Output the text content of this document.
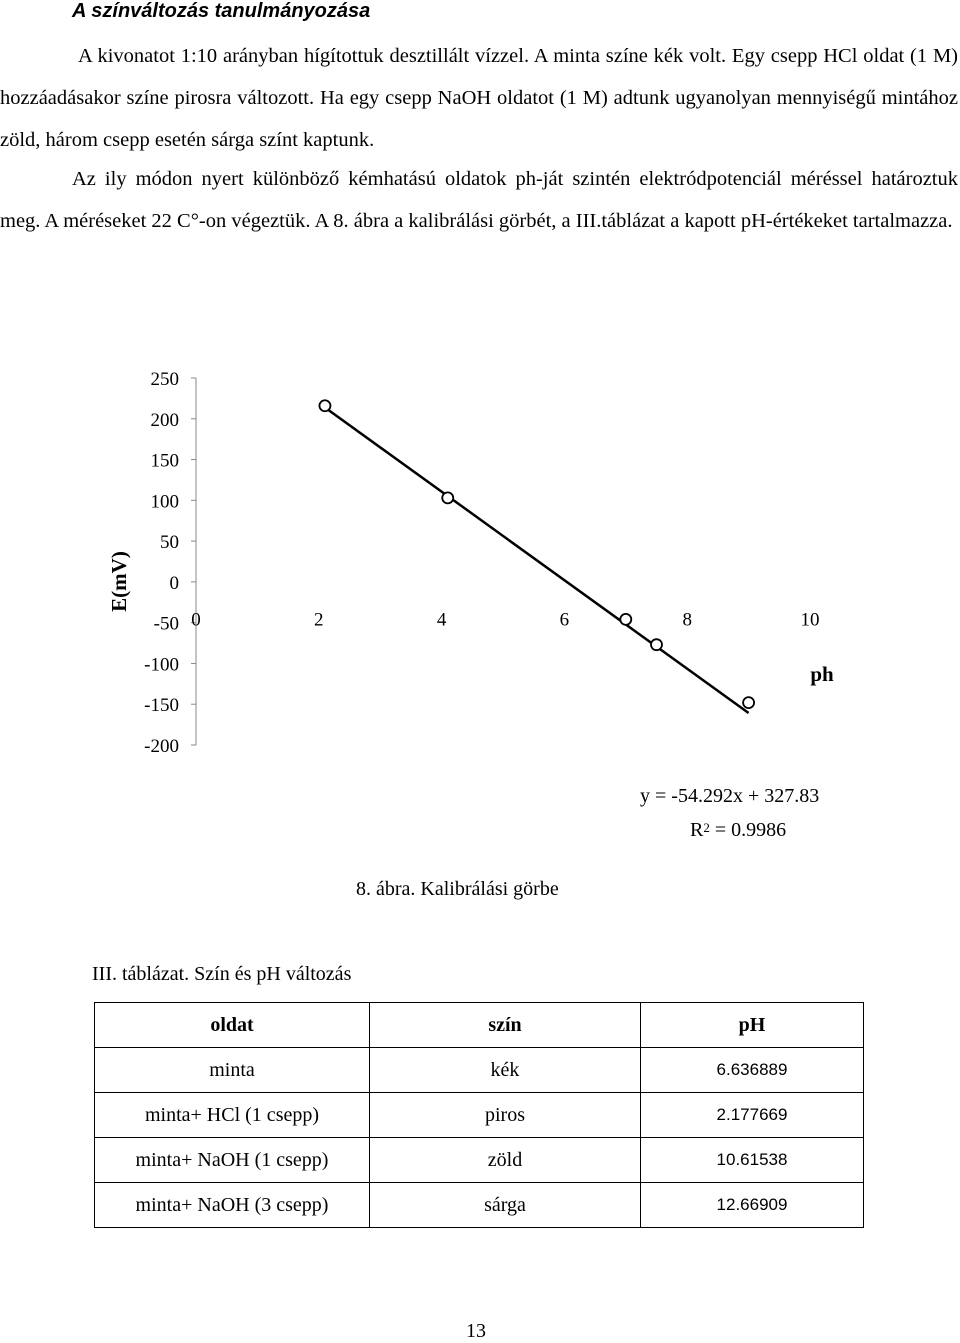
A színváltozás tanulmányozása

A kivonatot 1:10 arányban hígítottuk desztillált vízzel. A minta színe kék volt. Egy csepp HCl oldat (1 M) hozzáadásakor színe pirosra változott. Ha egy csepp NaOH oldatot (1 M) adtunk ugyanolyan mennyiségű mintához zöld, három csepp esetén sárga színt kaptunk.

Az ily módon nyert különböző kémhatású oldatok ph-ját szintén elektródpotenciál méréssel határoztuk meg. A méréseket 22 C°-on végeztük. A 8. ábra a kalibrálási görbét, a III.táblázat a kapott pH-értékeket tartalmazza.

250
200
150
100
50
0
-50
-100
-150
-200
0	2	4	6	8	10
E(mV)
ph
y = -54.292x + 327.83
$R^2 = 0.9986$
8. ábra. Kalibrálási görbe
III. táblázat. Szín és pH változás
oldat	szín	pH
minta	kék	6.636889
minta+ HCl (1 csepp)	piros	2.177669
minta+ NaOH (1 csepp)	zöld	10.61538
minta+ NaOH (3 csepp)	sárga	12.66909
13
